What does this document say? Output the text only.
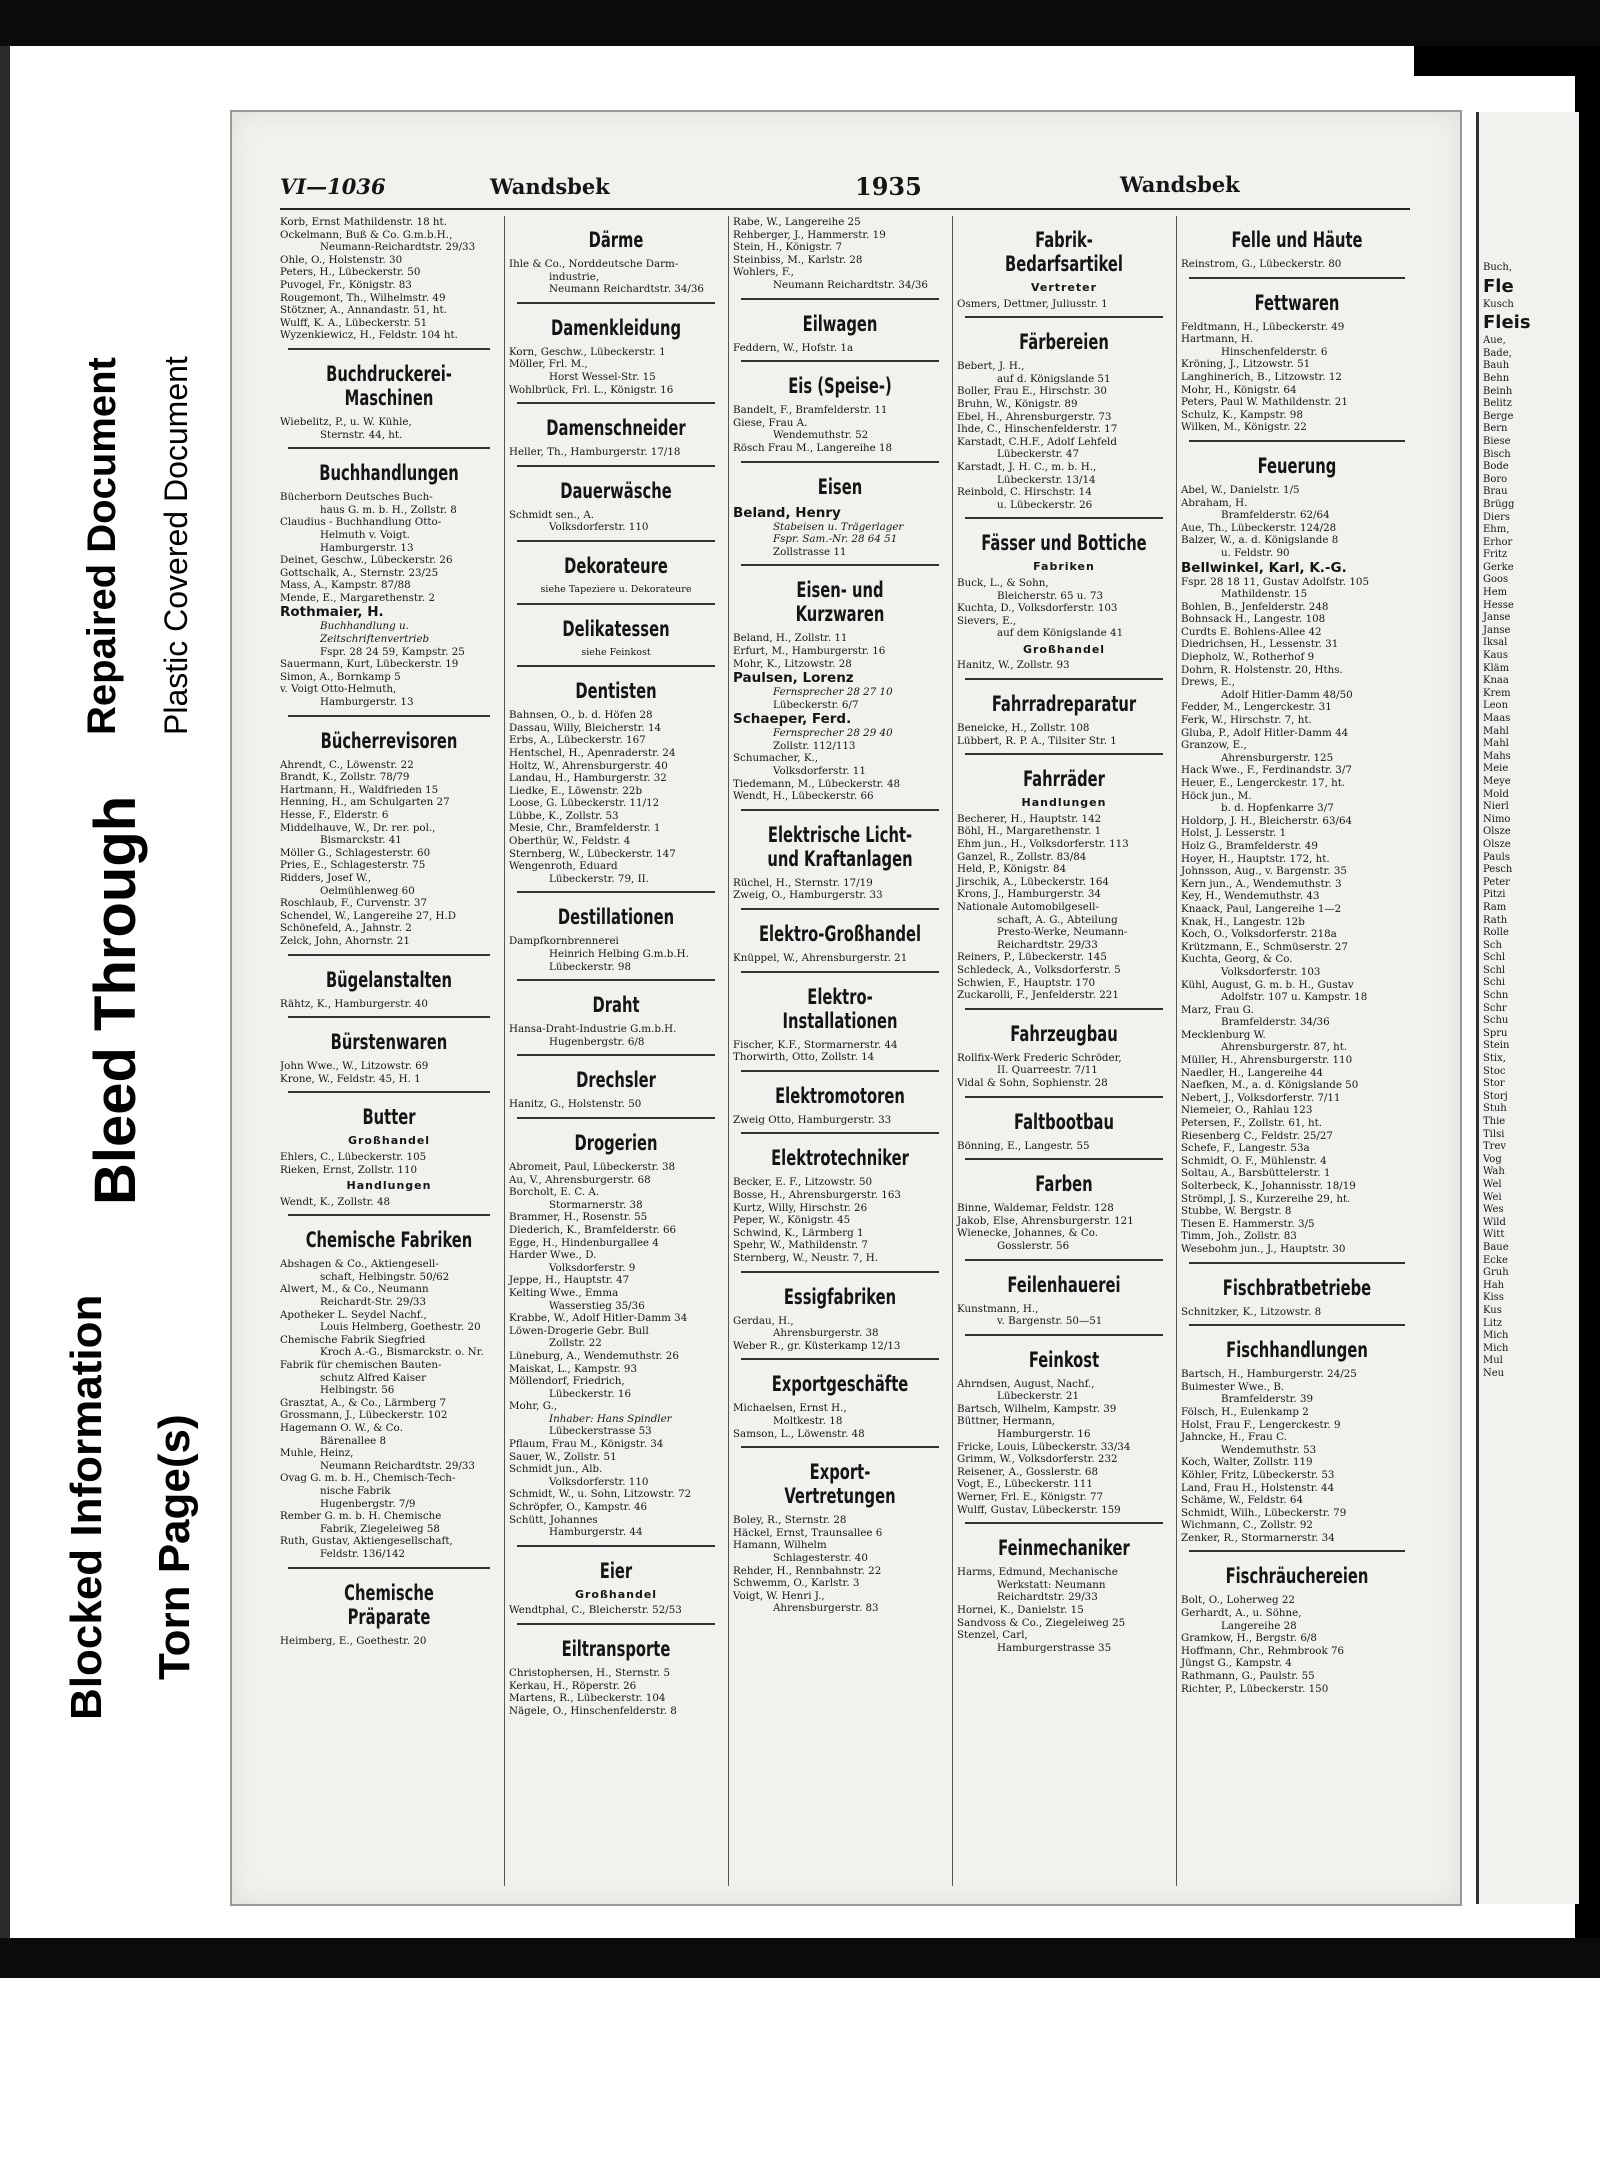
Blocked Information Torn Page(s)
Bleed Through
Repaired Document Plastic Covered Document
VI—1036	Wandsbek	1935	Wandsbek
Korb, Ernst Mathildenstr. 18 ht.
Ockelmann, Buß & Co. G.m.b.H.,
Neumann-Reichardtstr. 29/33
Ohle, O., Holstenstr. 30
Peters, H., Lübeckerstr. 50
Puvogel, Fr., Königstr. 83
Rougemont, Th., Wilhelmstr. 49
Stötzner, A., Annandastr. 51, ht.
Wulff, K. A., Lübeckerstr. 51
Wyzenkiewicz, H., Feldstr. 104 ht.
Buchdruckerei-Maschinen
Wiebelitz, P., u. W. Kühle,
Sternstr. 44, ht.
Buchhandlungen
Bücherborn Deutsches Buch-
haus G. m. b. H., Zollstr. 8
Claudius - Buchhandlung Otto-
Helmuth v. Voigt.
Hamburgerstr. 13
Deinet, Geschw., Lübeckerstr. 26
Gottschalk, A., Sternstr. 23/25
Mass, A., Kampstr. 87/88
Mende, E., Margarethenstr. 2
Rothmaier, H.
Buchhandlung u.
Zeitschriftenvertrieb
Fspr. 28 24 59, Kampstr. 25
Sauermann, Kurt, Lübeckerstr. 19
Simon, A., Bornkamp 5
v. Voigt Otto-Helmuth,
Hamburgerstr. 13
Bücherrevisoren
Ahrendt, C., Löwenstr. 22
Brandt, K., Zollstr. 78/79
Hartmann, H., Waldfrieden 15
Henning, H., am Schulgarten 27
Hesse, F., Elderstr. 6
Middelhauve, W., Dr. rer. pol.,
Bismarckstr. 41
Möller G., Schlagesterstr. 60
Pries, E., Schlagesterstr. 75
Ridders, Josef W.,
Oelmühlenweg 60
Roschlaub, F., Curvenstr. 37
Schendel, W., Langereihe 27, H.D
Schönefeld, A., Jahnstr. 2
Zelck, John, Ahornstr. 21
Bügelanstalten
Rähtz, K., Hamburgerstr. 40
Bürstenwaren
John Wwe., W., Litzowstr. 69
Krone, W., Feldstr. 45, H. 1
Butter
Großhandel
Ehlers, C., Lübeckerstr. 105
Rieken, Ernst, Zollstr. 110
Handlungen
Wendt, K., Zollstr. 48
Chemische Fabriken
Abshagen & Co., Aktiengesell-
schaft, Helbingstr. 50/62
Alwert, M., & Co., Neumann
Reichardt-Str. 29/33
Apotheker L. Seydel Nachf.,
Louis Helmberg, Goethestr. 20
Chemische Fabrik Siegfried
Kroch A.-G., Bismarckstr. o. Nr.
Fabrik für chemischen Bauten-
schutz Alfred Kaiser
Helbingstr. 56
Grasztat, A., & Co., Lärmberg 7
Grossmann, J., Lübeckerstr. 102
Hagemann O. W., & Co.
Bärenallee 8
Muhle, Heinz,
Neumann Reichardtstr. 29/33
Ovag G. m. b. H., Chemisch-Tech-
nische Fabrik
Hugenbergstr. 7/9
Rember G. m. b. H. Chemische
Fabrik, Ziegeleiweg 58
Ruth, Gustav, Aktiengesellschaft,
Feldstr. 136/142
Chemische Präparate
Heimberg, E., Goethestr. 20
Därme
Ihle & Co., Norddeutsche Darm-
industrie,
Neumann Reichardtstr. 34/36
Damenkleidung
Korn, Geschw., Lübeckerstr. 1
Möller, Frl. M.,
Horst Wessel-Str. 15
Wohlbrück, Frl. L., Königstr. 16
Damenschneider
Heller, Th., Hamburgerstr. 17/18
Dauerwäsche
Schmidt sen., A.
Volksdorferstr. 110
Dekorateure
siehe Tapeziere u. Dekorateure
Delikatessen
siehe Feinkost
Dentisten
Bahnsen, O., b. d. Höfen 28
Dassau, Willy, Bleicherstr. 14
Erbs, A., Lübeckerstr. 167
Hentschel, H., Apenraderstr. 24
Holtz, W., Ahrensburgerstr. 40
Landau, H., Hamburgerstr. 32
Liedke, E., Löwenstr. 22b
Loose, G. Lübeckerstr. 11/12
Lübbe, K., Zollstr. 53
Mesie, Chr., Bramfelderstr. 1
Oberthür, W., Feldstr. 4
Sternberg, W., Lübeckerstr. 147
Wengenroth, Eduard
Lübeckerstr. 79, II.
Destillationen
Dampfkornbrennerei
Heinrich Helbing G.m.b.H.
Lübeckerstr. 98
Draht
Hansa-Draht-Industrie G.m.b.H.
Hugenbergstr. 6/8
Drechsler
Hanitz, G., Holstenstr. 50
Drogerien
Abromeit, Paul, Lübeckerstr. 38
Au, V., Ahrensburgerstr. 68
Borcholt, E. C. A.
Stormarnerstr. 38
Brammer, H., Rosenstr. 55
Diederich, K., Bramfelderstr. 66
Egge, H., Hindenburgallee 4
Harder Wwe., D.
Volksdorferstr. 9
Jeppe, H., Hauptstr. 47
Kelting Wwe., Emma
Wasserstieg 35/36
Krabbe, W., Adolf Hitler-Damm 34
Löwen-Drogerie Gebr. Bull
Zollstr. 22
Lüneburg, A., Wendemuthstr. 26
Maiskat, L., Kampstr. 93
Möllendorf, Friedrich,
Lübeckerstr. 16
Mohr, G.,
Inhaber: Hans Spindler
Lübeckerstrasse 53
Pflaum, Frau M., Königstr. 34
Sauer, W., Zollstr. 51
Schmidt jun., Alb.
Volksdorferstr. 110
Schmidt, W., u. Sohn, Litzowstr. 72
Schröpfer, O., Kampstr. 46
Schütt, Johannes
Hamburgerstr. 44
Eier
Großhandel
Wendtphal, C., Bleicherstr. 52/53
Eiltransporte
Christophersen, H., Sternstr. 5
Kerkau, H., Röperstr. 26
Martens, R., Lübeckerstr. 104
Nägele, O., Hinschenfelderstr. 8
Rabe, W., Langereihe 25
Rehberger, J., Hammerstr. 19
Stein, H., Königstr. 7
Steinbiss, M., Karlstr. 28
Wohlers, F.,
Neumann Reichardtstr. 34/36
Eilwagen
Feddern, W., Hofstr. 1a
Eis (Speise-)
Bandelt, F., Bramfelderstr. 11
Giese, Frau A.
Wendemuthstr. 52
Rösch Frau M., Langereihe 18
Eisen
Beland, Henry
Stabeisen u. Trägerlager
Fspr. Sam.-Nr. 28 64 51
Zollstrasse 11
Eisen- und Kurzwaren
Beland, H., Zollstr. 11
Erfurt, M., Hamburgerstr. 16
Mohr, K., Litzowstr. 28
Paulsen, Lorenz
Fernsprecher 28 27 10
Lübeckerstr. 6/7
Schaeper, Ferd.
Fernsprecher 28 29 40
Zollstr. 112/113
Schumacher, K.,
Volksdorferstr. 11
Tiedemann, M., Lübeckerstr. 48
Wendt, H., Lübeckerstr. 66
Elektrische Licht- und Kraftanlagen
Rüchel, H., Sternstr. 17/19
Zweig, O., Hamburgerstr. 33
Elektro-Großhandel
Knüppel, W., Ahrensburgerstr. 21
Elektro-Installationen
Fischer, K.F., Stormarnerstr. 44
Thorwirth, Otto, Zollstr. 14
Elektromotoren
Zweig Otto, Hamburgerstr. 33
Elektrotechniker
Becker, E. F., Litzowstr. 50
Bosse, H., Ahrensburgerstr. 163
Kurtz, Willy, Hirschstr. 26
Peper, W., Königstr. 45
Schwind, K., Lärmberg 1
Spehr, W., Mathildenstr. 7
Sternberg, W., Neustr. 7, H.
Essigfabriken
Gerdau, H.,
Ahrensburgerstr. 38
Weber R., gr. Küsterkamp 12/13
Exportgeschäfte
Michaelsen, Ernst H.,
Moltkestr. 18
Samson, L., Löwenstr. 48
Export-Vertretungen
Boley, R., Sternstr. 28
Häckel, Ernst, Traunsallee 6
Hamann, Wilhelm
Schlagesterstr. 40
Rehder, H., Rennbahnstr. 22
Schwemm, O., Karlstr. 3
Voigt, W. Henri J.,
Ahrensburgerstr. 83
Fabrik-Bedarfsartikel
Vertreter
Osmers, Dettmer, Juliusstr. 1
Färbereien
Bebert, J. H.,
auf d. Königslande 51
Boller, Frau E., Hirschstr. 30
Bruhn, W., Königstr. 89
Ebel, H., Ahrensburgerstr. 73
Ihde, C., Hinschenfelderstr. 17
Karstadt, C.H.F., Adolf Lehfeld
Lübeckerstr. 47
Karstadt, J. H. C., m. b. H.,
Lübeckerstr. 13/14
Reinbold, C. Hirschstr. 14
u. Lübeckerstr. 26
Fässer und Bottiche
Fabriken
Buck, L., & Sohn,
Bleicherstr. 65 u. 73
Kuchta, D., Volksdorferstr. 103
Sievers, E.,
auf dem Königslande 41
Großhandel
Hanitz, W., Zollstr. 93
Fahrradreparatur
Beneicke, H., Zollstr. 108
Lübbert, R. P. A., Tilsiter Str. 1
Fahrräder
Handlungen
Becherer, H., Hauptstr. 142
Böhl, H., Margarethenstr. 1
Ehm jun., H., Volksdorferstr. 113
Ganzel, R., Zollstr. 83/84
Held, P., Königstr. 84
Jirschik, A., Lübeckerstr. 164
Krons, J., Hamburgerstr. 34
Nationale Automobilgesell-
schaft, A. G., Abteilung
Presto-Werke, Neumann-
Reichardtstr. 29/33
Reiners, P., Lübeckerstr. 145
Schledeck, A., Volksdorferstr. 5
Schwien, F., Hauptstr. 170
Zuckarolli, F., Jenfelderstr. 221
Fahrzeugbau
Rollfix-Werk Frederic Schröder,
II. Quarreestr. 7/11
Vidal & Sohn, Sophienstr. 28
Faltbootbau
Bönning, E., Langestr. 55
Farben
Binne, Waldemar, Feldstr. 128
Jakob, Else, Ahrensburgerstr. 121
Wienecke, Johannes, & Co.
Gosslerstr. 56
Feilenhauerei
Kunstmann, H.,
v. Bargenstr. 50—51
Feinkost
Ahrndsen, August, Nachf.,
Lübeckerstr. 21
Bartsch, Wilhelm, Kampstr. 39
Büttner, Hermann,
Hamburgerstr. 16
Fricke, Louis, Lübeckerstr. 33/34
Grimm, W., Volksdorferstr. 232
Reisener, A., Gosslerstr. 68
Vogt, E., Lübeckerstr. 111
Werner, Frl. E., Königstr. 77
Wulff, Gustav, Lübeckerstr. 159
Feinmechaniker
Harms, Edmund, Mechanische
Werkstatt: Neumann
Reichardtstr. 29/33
Hornei, K., Danielstr. 15
Sandvoss & Co., Ziegeleiweg 25
Stenzel, Carl,
Hamburgerstrasse 35
Felle und Häute
Reinstrom, G., Lübeckerstr. 80
Fettwaren
Feldtmann, H., Lübeckerstr. 49
Hartmann, H.
Hinschenfelderstr. 6
Kröning, J., Litzowstr. 51
Langhinerich, B., Litzowstr. 12
Mohr, H., Königstr. 64
Peters, Paul W. Mathildenstr. 21
Schulz, K., Kampstr. 98
Wilken, M., Königstr. 22
Feuerung
Abel, W., Danielstr. 1/5
Abraham, H.
Bramfelderstr. 62/64
Aue, Th., Lübeckerstr. 124/28
Balzer, W., a. d. Königslande 8
u. Feldstr. 90
Bellwinkel, Karl, K.-G.
Fspr. 28 18 11, Gustav Adolfstr. 105
Mathildenstr. 15
Bohlen, B., Jenfelderstr. 248
Bohnsack H., Langestr. 108
Curdts E. Bohlens-Allee 42
Diedrichsen, H., Lessenstr. 31
Diepholz, W., Rotherhof 9
Dohrn, R. Holstenstr. 20, Hths.
Drews, E.,
Adolf Hitler-Damm 48/50
Fedder, M., Lengerckestr. 31
Ferk, W., Hirschstr. 7, ht.
Gluba, P., Adolf Hitler-Damm 44
Granzow, E.,
Ahrensburgerstr. 125
Hack Wwe., F., Ferdinandstr. 3/7
Heuer, E., Lengerckestr. 17, ht.
Höck jun., M.
b. d. Hopfenkarre 3/7
Holdorp, J. H., Bleicherstr. 63/64
Holst, J. Lesserstr. 1
Holz G., Bramfelderstr. 49
Hoyer, H., Hauptstr. 172, ht.
Johnsson, Aug., v. Bargenstr. 35
Kern jun., A., Wendemuthstr. 3
Key, H., Wendemuthstr. 43
Knaack, Paul, Langereihe 1—2
Knak, H., Langestr. 12b
Koch, O., Volksdorferstr. 218a
Krützmann, E., Schmüserstr. 27
Kuchta, Georg, & Co.
Volksdorferstr. 103
Kühl, August, G. m. b. H., Gustav
Adolfstr. 107 u. Kampstr. 18
Marz, Frau G.
Bramfelderstr. 34/36
Mecklenburg W.
Ahrensburgerstr. 87, ht.
Müller, H., Ahrensburgerstr. 110
Naedler, H., Langereihe 44
Naefken, M., a. d. Königslande 50
Nebert, J., Volksdorferstr. 7/11
Niemeier, O., Rahlau 123
Petersen, F., Zollstr. 61, ht.
Riesenberg C., Feldstr. 25/27
Schefe, F., Langestr. 53a
Schmidt, O. F., Mühlenstr. 4
Soltau, A., Barsbüttelerstr. 1
Solterbeck, K., Johannisstr. 18/19
Strömpl, J. S., Kurzereihe 29, ht.
Stubbe, W. Bergstr. 8
Tiesen E. Hammerstr. 3/5
Timm, Joh., Zollstr. 83
Wesebohm jun., J., Hauptstr. 30
Fischbratbetriebe
Schnitzker, K., Litzowstr. 8
Fischhandlungen
Bartsch, H., Hamburgerstr. 24/25
Buimester Wwe., B.
Bramfelderstr. 39
Fölsch, H., Eulenkamp 2
Holst, Frau F., Lengerckestr. 9
Jahncke, H., Frau C.
Wendemuthstr. 53
Koch, Walter, Zollstr. 119
Köhler, Fritz, Lübeckerstr. 53
Land, Frau H., Holstenstr. 44
Schäme, W., Feldstr. 64
Schmidt, Wilh., Lübeckerstr. 79
Wichmann, C., Zollstr. 92
Zenker, R., Stormarnerstr. 34
Fischräuchereien
Bolt, O., Loherweg 22
Gerhardt, A., u. Söhne,
Langereihe 28
Gramkow, H., Bergstr. 6/8
Hoffmann, Chr., Rehmbrook 76
Jüngst G., Kampstr. 4
Rathmann, G., Paulstr. 55
Richter, P., Lübeckerstr. 150
Buch,
Fle
Kusch
Fleis
Aue,
Bade,
Bauh
Behn
Beinh
Belitz
Berge
Bern
Biese
Bisch
Bode
Boro
Brau
Brügg
Diers
Ehm,
Erhor
Fritz
Gerke
Goos
Hem
Hesse
Janse
Janse
Iksal
Kaus
Kläm
Knaa
Krem
Leon
Maas
Mahl
Mahl
Mahs
Meie
Meye
Mold
Nierl
Nimo
Olsze
Olsze
Pauls
Pesch
Peter
Pitzi
Ram
Rath
Rolle
Sch
Schl
Schl
Schi
Schn
Schr
Schu
Spru
Stein
Stix,
Stoc
Stor
Storj
Stuh
Thie
Tilsi
Trev
Vog
Wah
Wel
Wei
Wes
Wild
Witt
Baue
Ecke
Gruh
Hah
Kiss
Kus
Litz
Mich
Mich
Mul
Neu
